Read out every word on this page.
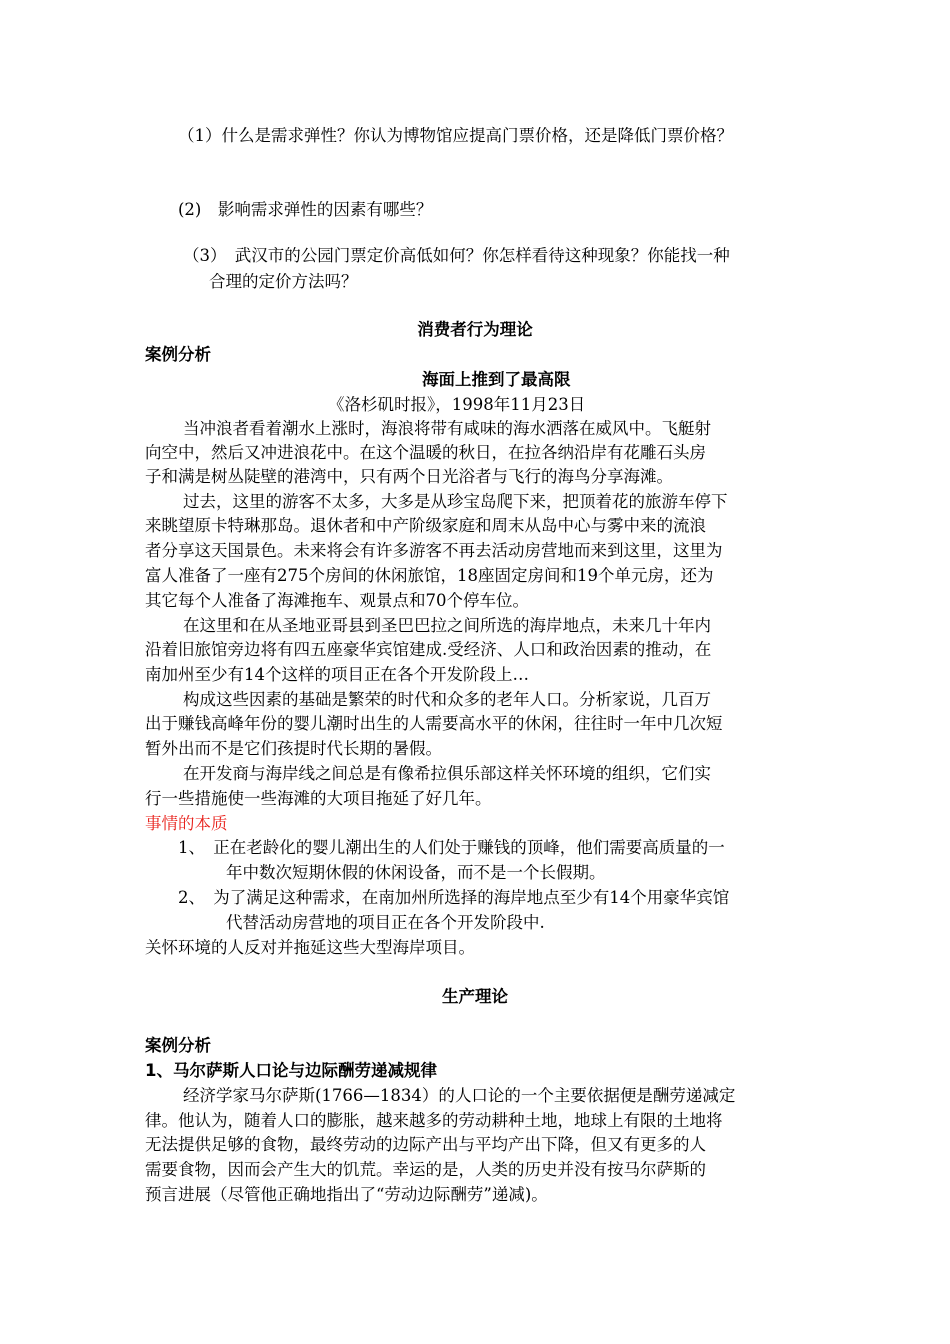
（1）什么是需求弹性？你认为博物馆应提高门票价格，还是降低门票价格？
(2)　影响需求弹性的因素有哪些？
（3）　武汉市的公园门票定价高低如何？你怎样看待这种现象？你能找一种
合理的定价方法吗？
消费者行为理论
案例分析
海面上推到了最高限
《洛杉矶时报》，1998年11月23日
当冲浪者看着潮水上涨时，海浪将带有咸味的海水洒落在威风中。飞艇射
向空中，然后又冲进浪花中。在这个温暖的秋日，在拉各纳沿岸有花雕石头房
子和满是树丛陡壁的港湾中，只有两个日光浴者与飞行的海鸟分享海滩。
过去，这里的游客不太多，大多是从珍宝岛爬下来，把顶着花的旅游车停下
来眺望原卡特琳那岛。退休者和中产阶级家庭和周末从岛中心与雾中来的流浪
者分享这天国景色。未来将会有许多游客不再去活动房营地而来到这里，这里为
富人准备了一座有275个房间的休闲旅馆，18座固定房间和19个单元房，还为
其它每个人准备了海滩拖车、观景点和70个停车位。
在这里和在从圣地亚哥县到圣巴巴拉之间所选的海岸地点，未来几十年内
沿着旧旅馆旁边将有四五座豪华宾馆建成.受经济、人口和政治因素的推动，在
南加州至少有14个这样的项目正在各个开发阶段上…
构成这些因素的基础是繁荣的时代和众多的老年人口。分析家说，几百万
出于赚钱高峰年份的婴儿潮时出生的人需要高水平的休闲，往往时一年中几次短
暂外出而不是它们孩提时代长期的暑假。
在开发商与海岸线之间总是有像希拉俱乐部这样关怀环境的组织，它们实
行一些措施使一些海滩的大项目拖延了好几年。
事情的本质
1、　正在老龄化的婴儿潮出生的人们处于赚钱的顶峰，他们需要高质量的一
年中数次短期休假的休闲设备，而不是一个长假期。
2、　为了满足这种需求，在南加州所选择的海岸地点至少有14个用豪华宾馆
代替活动房营地的项目正在各个开发阶段中.
关怀环境的人反对并拖延这些大型海岸项目。
生产理论
案例分析
1、马尔萨斯人口论与边际酬劳递减规律
经济学家马尔萨斯(1766—1834）的人口论的一个主要依据便是酬劳递减定
律。他认为，随着人口的膨胀，越来越多的劳动耕种土地，地球上有限的土地将
无法提供足够的食物，最终劳动的边际产出与平均产出下降，但又有更多的人
需要食物，因而会产生大的饥荒。幸运的是，人类的历史并没有按马尔萨斯的
预言进展（尽管他正确地指出了“劳动边际酬劳”递减)。
